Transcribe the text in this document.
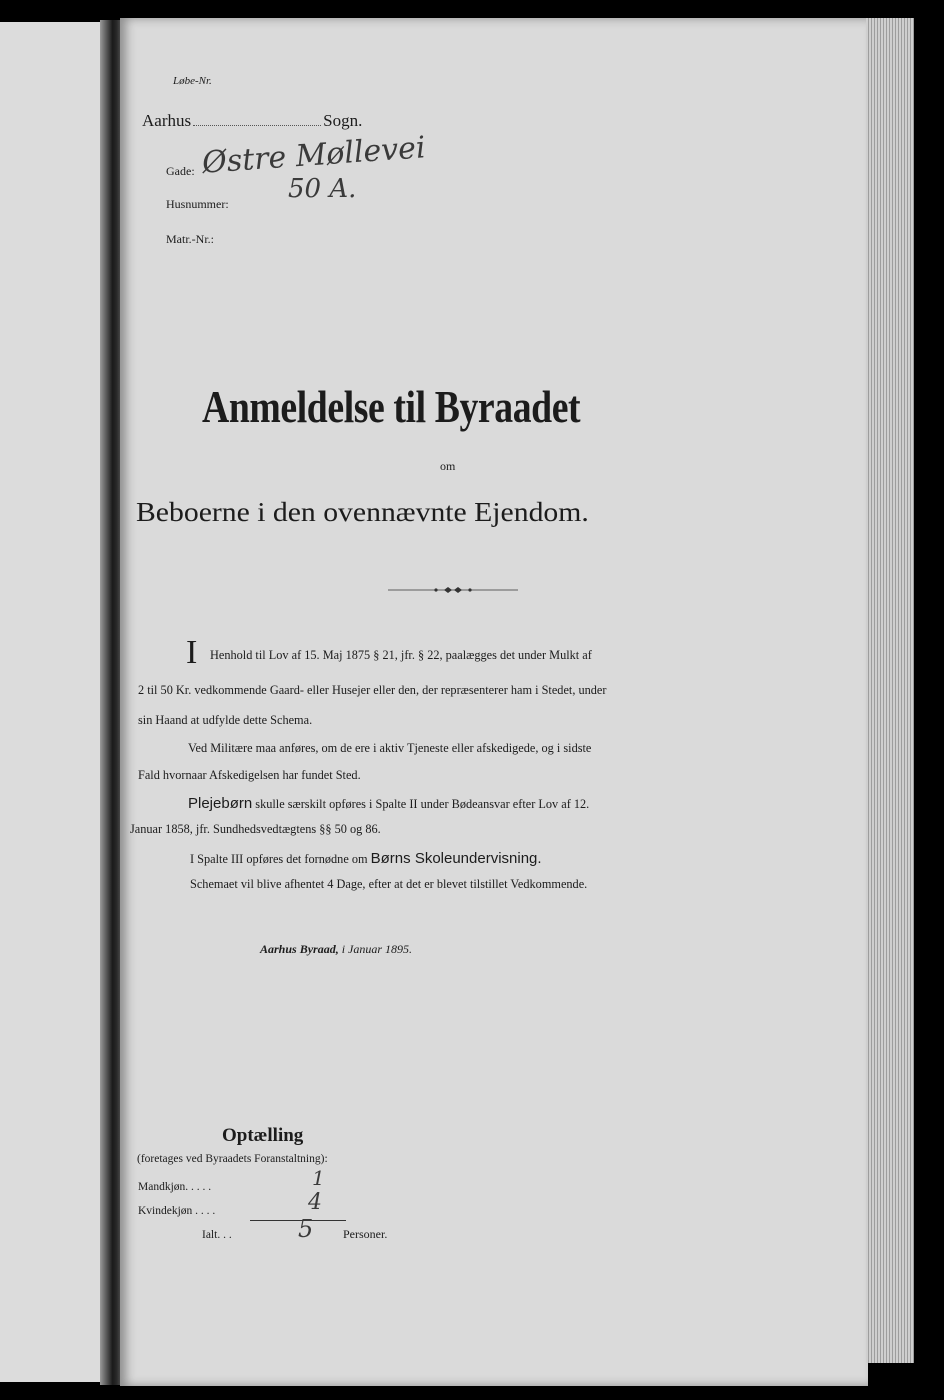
Løbe-Nr.
Aarhus	Sogn.
Gade: Østre Møllevei
Husnummer: 50 A.
Matr.-Nr.:
Anmeldelse til Byraadet
om
Beboerne i den ovennævnte Ejendom.
I Henhold til Lov af 15. Maj 1875 § 21, jfr. § 22, paalægges det under Mulkt af
2 til 50 Kr. vedkommende Gaard- eller Husejer eller den, der repræsenterer ham i Stedet, under
sin Haand at udfylde dette Schema.
Ved Militære maa anføres, om de ere i aktiv Tjeneste eller afskedigede, og i sidste
Fald hvornaar Afskedigelsen har fundet Sted.
Plejebørn skulle særskilt opføres i Spalte II under Bødeansvar efter Lov af 12.
Januar 1858, jfr. Sundhedsvedtægtens §§ 50 og 86.
I Spalte III opføres det fornødne om Børns Skoleundervisning.
Schemaet vil blive afhentet 4 Dage, efter at det er blevet tilstillet Vedkommende.
Aarhus Byraad, i Januar 1895.
Optælling
(foretages ved Byraadets Foranstaltning):
Mandkjøn. . . . .	1
Kvindekjøn . . . .	4
Ialt. . .	5 Personer.
